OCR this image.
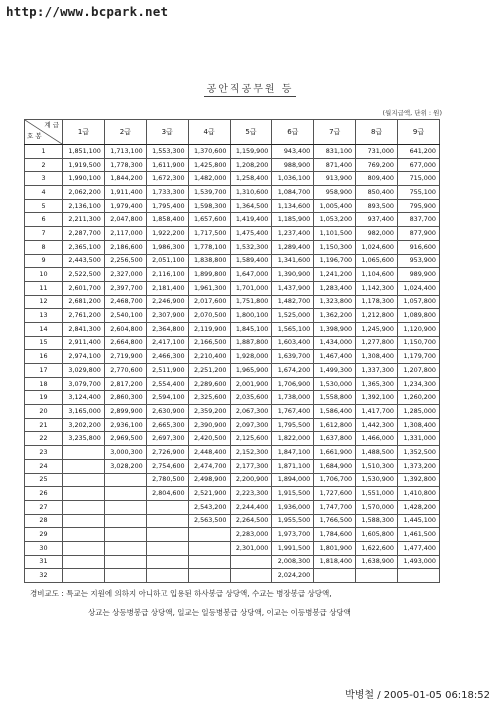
http://www.bcpark.net
공안직공무원 등
(월지급액, 단위 : 원)
계 급
호 봉	1급	2급	3급	4급	5급	6급	7급	8급	9급
1	1,851,100	1,713,100	1,553,300	1,370,600	1,159,900	943,400	831,100	731,000	641,200
2	1,919,500	1,778,300	1,611,900	1,425,800	1,208,200	988,900	871,400	769,200	677,000
3	1,990,100	1,844,200	1,672,300	1,482,000	1,258,400	1,036,100	913,900	809,400	715,000
4	2,062,200	1,911,400	1,733,300	1,539,700	1,310,600	1,084,700	958,900	850,400	755,100
5	2,136,100	1,979,400	1,795,400	1,598,300	1,364,500	1,134,600	1,005,400	893,500	795,900
6	2,211,300	2,047,800	1,858,400	1,657,600	1,419,400	1,185,900	1,053,200	937,400	837,700
7	2,287,700	2,117,000	1,922,200	1,717,500	1,475,400	1,237,400	1,101,500	982,000	877,900
8	2,365,100	2,186,600	1,986,300	1,778,100	1,532,300	1,289,400	1,150,300	1,024,600	916,600
9	2,443,500	2,256,500	2,051,100	1,838,800	1,589,400	1,341,600	1,196,700	1,065,600	953,900
10	2,522,500	2,327,000	2,116,100	1,899,800	1,647,000	1,390,900	1,241,200	1,104,600	989,900
11	2,601,700	2,397,700	2,181,400	1,961,300	1,701,000	1,437,900	1,283,400	1,142,300	1,024,400
12	2,681,200	2,468,700	2,246,900	2,017,600	1,751,800	1,482,700	1,323,800	1,178,300	1,057,800
13	2,761,200	2,540,100	2,307,900	2,070,500	1,800,100	1,525,000	1,362,200	1,212,800	1,089,800
14	2,841,300	2,604,800	2,364,800	2,119,900	1,845,100	1,565,100	1,398,900	1,245,900	1,120,900
15	2,911,400	2,664,800	2,417,100	2,166,500	1,887,800	1,603,400	1,434,000	1,277,800	1,150,700
16	2,974,100	2,719,900	2,466,300	2,210,400	1,928,000	1,639,700	1,467,400	1,308,400	1,179,700
17	3,029,800	2,770,600	2,511,900	2,251,200	1,965,900	1,674,200	1,499,300	1,337,300	1,207,800
18	3,079,700	2,817,200	2,554,400	2,289,600	2,001,900	1,706,900	1,530,000	1,365,300	1,234,300
19	3,124,400	2,860,300	2,594,100	2,325,600	2,035,600	1,738,000	1,558,800	1,392,100	1,260,200
20	3,165,000	2,899,900	2,630,900	2,359,200	2,067,300	1,767,400	1,586,400	1,417,700	1,285,000
21	3,202,200	2,936,100	2,665,300	2,390,900	2,097,300	1,795,500	1,612,800	1,442,300	1,308,400
22	3,235,800	2,969,500	2,697,300	2,420,500	2,125,600	1,822,000	1,637,800	1,466,000	1,331,000
23		3,000,300	2,726,900	2,448,400	2,152,300	1,847,100	1,661,900	1,488,500	1,352,500
24		3,028,200	2,754,600	2,474,700	2,177,300	1,871,100	1,684,900	1,510,300	1,373,200
25			2,780,500	2,498,900	2,200,900	1,894,000	1,706,700	1,530,900	1,392,800
26			2,804,600	2,521,900	2,223,300	1,915,500	1,727,600	1,551,000	1,410,800
27				2,543,200	2,244,400	1,936,000	1,747,700	1,570,000	1,428,200
28				2,563,500	2,264,500	1,955,500	1,766,500	1,588,300	1,445,100
29					2,283,000	1,973,700	1,784,600	1,605,800	1,461,500
30					2,301,000	1,991,500	1,801,900	1,622,600	1,477,400
31						2,008,300	1,818,400	1,638,900	1,493,000
32						2,024,200			
경비교도 : 특교는 지원에 의하지 아니하고 입용된 하사봉급 상당액, 수교는 병장봉급 상당액,
상교는 상등병봉급 상당액, 일교는 일등병봉급 상당액, 이교는 이등병봉급 상당액
박병철 / 2005-01-05 06:18:52
